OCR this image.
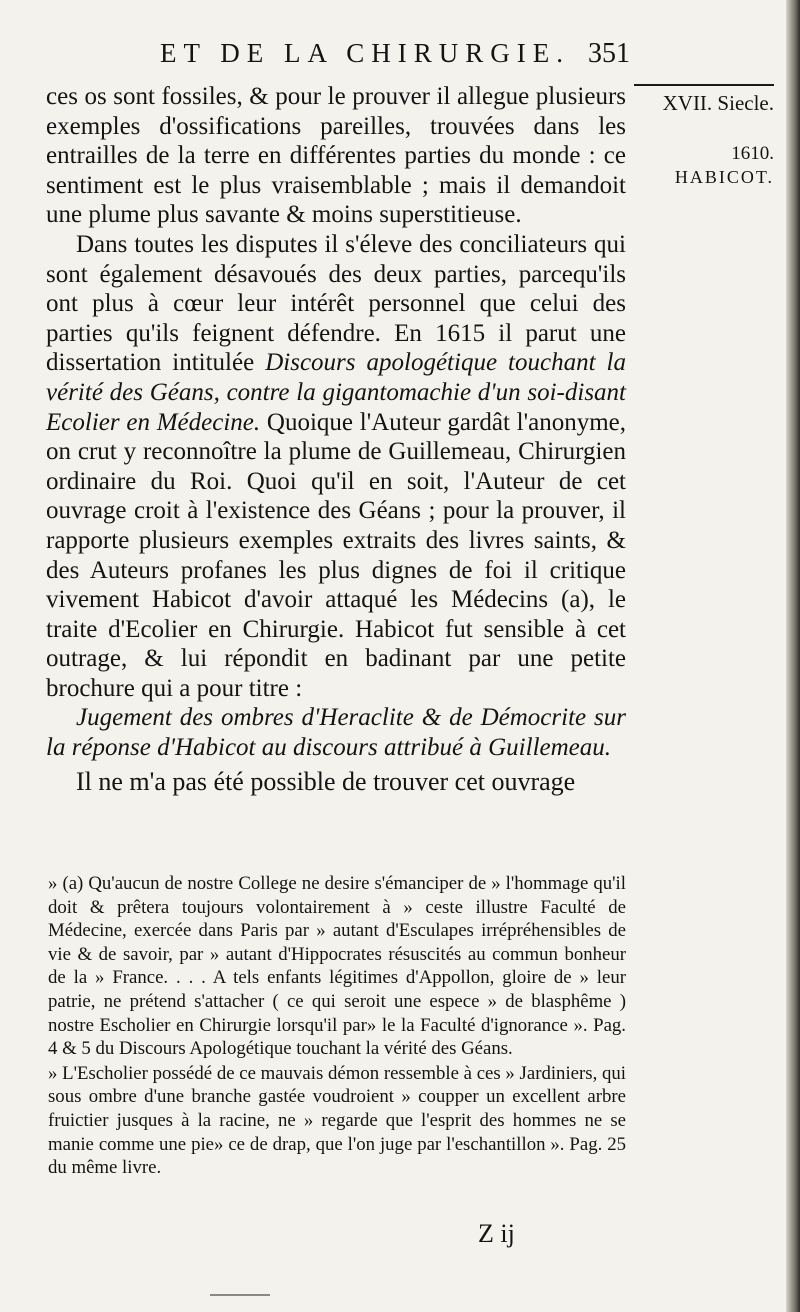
ET DE LA CHIRURGIE. 351

ces os sont fossiles, & pour le prouver il allegue plusieurs exemples d'ossifications pareilles, trouvées dans les entrailles de la terre en différentes parties du monde : ce sentiment est le plus vraisemblable ; mais il demandoit une plume plus savante & moins superstitieuse.

Dans toutes les disputes il s'éleve des conciliateurs qui sont également désavoués des deux parties, parcequ'ils ont plus à cœur leur intérêt personnel que celui des parties qu'ils feignent défendre. En 1615 il parut une dissertation intitulée Discours apologétique touchant la vérité des Géans, contre la gigantomachie d'un soi-disant Ecolier en Médecine. Quoique l'Auteur gardât l'anonyme, on crut y reconnoître la plume de Guillemeau, Chirurgien ordinaire du Roi. Quoi qu'il en soit, l'Auteur de cet ouvrage croit à l'existence des Géans ; pour la prouver, il rapporte plusieurs exemples extraits des livres saints, & des Auteurs profanes les plus dignes de foi il critique vivement Habicot d'avoir attaqué les Médecins (a), le traite d'Ecolier en Chirurgie. Habicot fut sensible à cet outrage, & lui répondit en badinant par une petite brochure qui a pour titre :

Jugement des ombres d'Heraclite & de Démocrite sur la réponse d'Habicot au discours attribué à Guillemeau.

Il ne m'a pas été possible de trouver cet ouvrage

XVII. Siecle.
1610.
HABICOT.

» (a) Qu'aucun de nostre College ne desire s'émanciper de » l'hommage qu'il doit & prêtera toujours volontairement à » ceste illustre Faculté de Médecine, exercée dans Paris par » autant d'Esculapes irrépréhensibles de vie & de savoir, par » autant d'Hippocrates résuscités au commun bonheur de la » France. . . . A tels enfants légitimes d'Appollon, gloire de » leur patrie, ne prétend s'attacher ( ce qui seroit une espece » de blasphême ) nostre Escholier en Chirurgie lorsqu'il par» le la Faculté d'ignorance ». Pag. 4 & 5 du Discours Apologétique touchant la vérité des Géans.

» L'Escholier possédé de ce mauvais démon ressemble à ces » Jardiniers, qui sous ombre d'une branche gastée voudroient » coupper un excellent arbre fruictier jusques à la racine, ne » regarde que l'esprit des hommes ne se manie comme une pie» ce de drap, que l'on juge par l'eschantillon ». Pag. 25 du même livre.

Z ij
